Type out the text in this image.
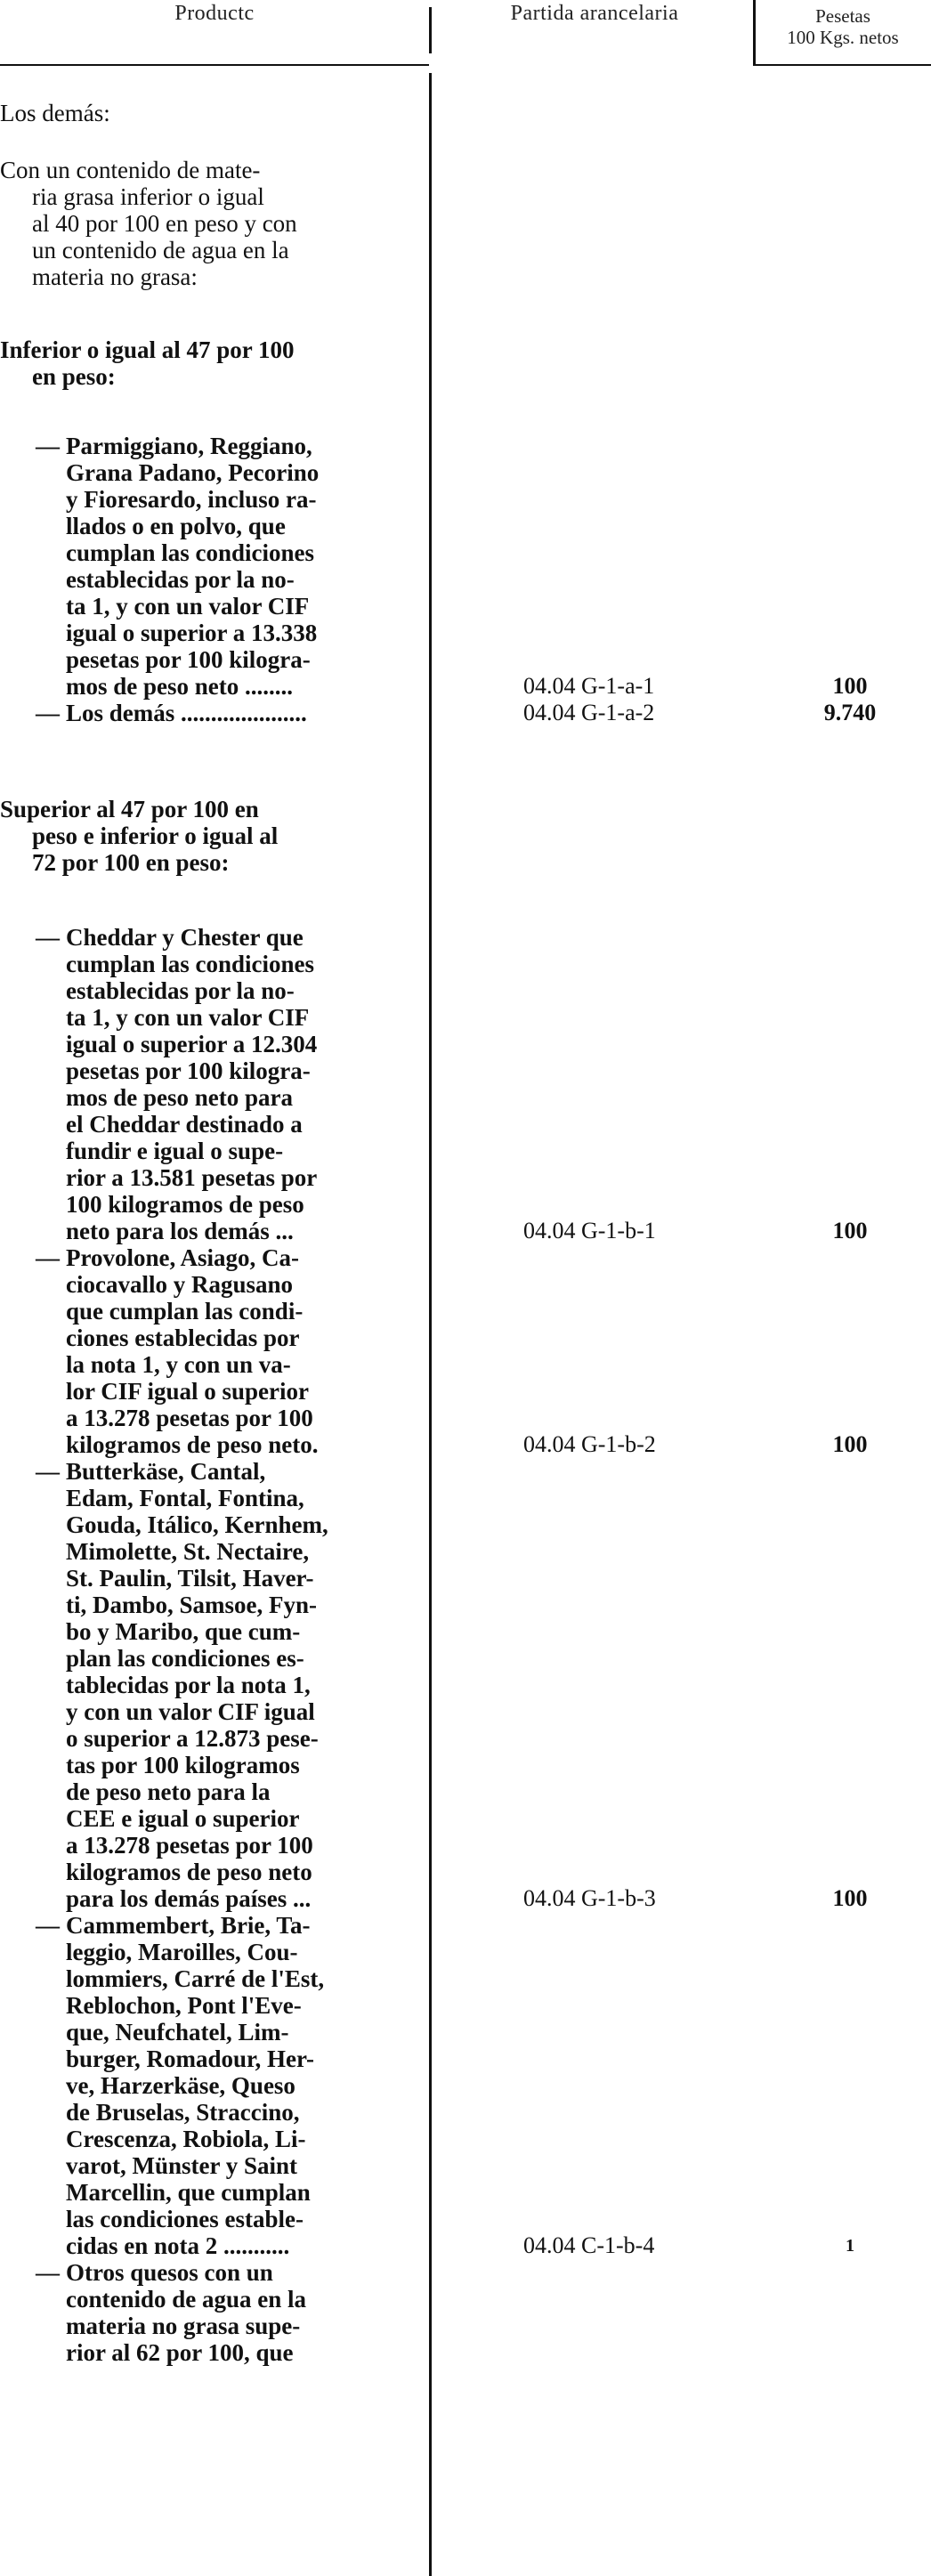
Productc	Partida arancelaria	Pesetas
100 Kgs. netos

Los demás:

Con un contenido de mate-
ria grasa inferior o igual
al 40 por 100 en peso y con
un contenido de agua en la
materia no grasa:

Inferior o igual al 47 por 100
en peso:

— Parmiggiano, Reggiano,
Grana Padano, Pecorino
y Fioresardo, incluso ra-
llados o en polvo, que
cumplan las condiciones
establecidas por la no-
ta 1, y con un valor CIF
igual o superior a 13.338
pesetas por 100 kilogra-
mos de peso neto ........	04.04 G-1-a-1	100
— Los demás .....................	04.04 G-1-a-2	9.740

Superior al 47 por 100 en
peso e inferior o igual al
72 por 100 en peso:

— Cheddar y Chester que
cumplan las condiciones
establecidas por la no-
ta 1, y con un valor CIF
igual o superior a 12.304
pesetas por 100 kilogra-
mos de peso neto para
el Cheddar destinado a
fundir e igual o supe-
rior a 13.581 pesetas por
100 kilogramos de peso
neto para los demás ...	04.04 G-1-b-1	100
— Provolone, Asiago, Ca-
ciocavallo y Ragusano
que cumplan las condi-
ciones establecidas por
la nota 1, y con un va-
lor CIF igual o superior
a 13.278 pesetas por 100
kilogramos de peso neto.	04.04 G-1-b-2	100
— Butterkäse, Cantal,
Edam, Fontal, Fontina,
Gouda, Itálico, Kernhem,
Mimolette, St. Nectaire,
St. Paulin, Tilsit, Haver-
ti, Dambo, Samsoe, Fyn-
bo y Maribo, que cum-
plan las condiciones es-
tablecidas por la nota 1,
y con un valor CIF igual
o superior a 12.873 pese-
tas por 100 kilogramos
de peso neto para la
CEE e igual o superior
a 13.278 pesetas por 100
kilogramos de peso neto
para los demás países ...	04.04 G-1-b-3	100
— Cammembert, Brie, Ta-
leggio, Maroilles, Cou-
lommiers, Carré de l'Est,
Reblochon, Pont l'Eve-
que, Neufchatel, Lim-
burger, Romadour, Her-
ve, Harzerkäse, Queso
de Bruselas, Straccino,
Crescenza, Robiola, Li-
varot, Münster y Saint
Marcellin, que cumplan
las condiciones estable-
cidas en nota 2 ...........	04.04 C-1-b-4	1
— Otros quesos con un
contenido de agua en la
materia no grasa supe-
rior al 62 por 100, que
